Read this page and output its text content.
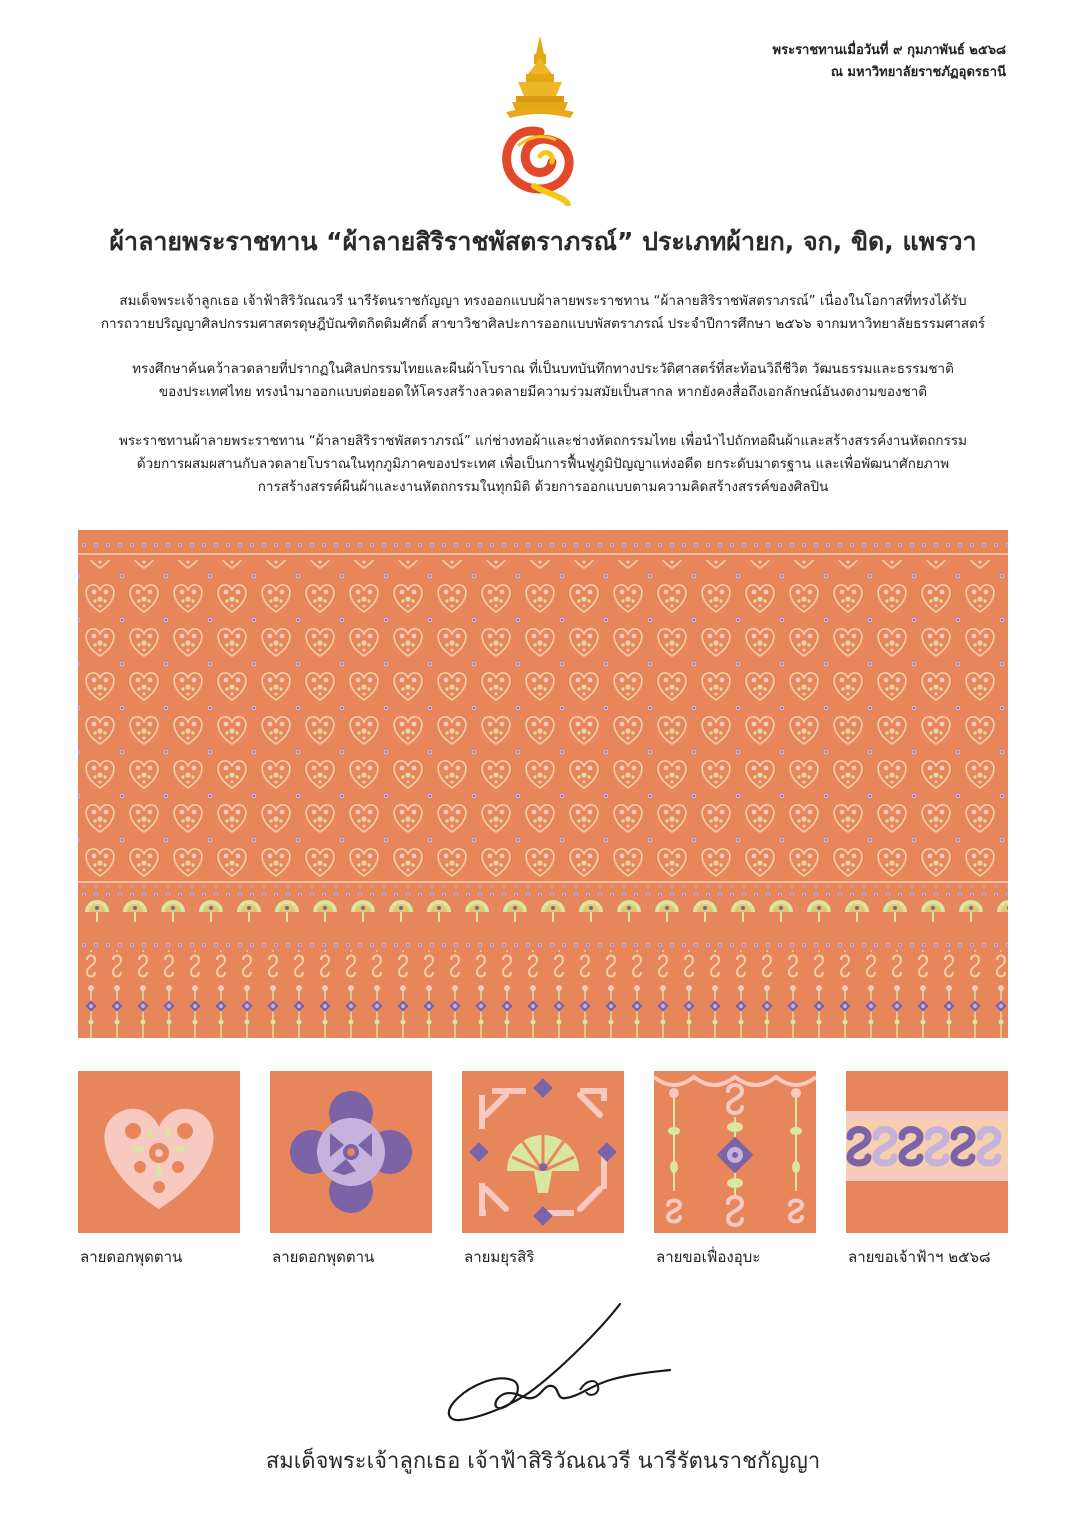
พระราชทานเมื่อวันที่ ๙ กุมภาพันธ์ ๒๕๖๘
ณ มหาวิทยาลัยราชภัฏอุดรธานี
ผ้าลายพระราชทาน “ผ้าลายสิริราชพัสตราภรณ์” ประเภทผ้ายก, จก, ขิด, แพรวา
สมเด็จพระเจ้าลูกเธอ เจ้าฟ้าสิริวัณณวรี นารีรัตนราชกัญญา ทรงออกแบบผ้าลายพระราชทาน “ผ้าลายสิริราชพัสตราภรณ์” เนื่องในโอกาสที่ทรงได้รับ
การถวายปริญญาศิลปกรรมศาสตรดุษฎีบัณฑิตกิตติมศักดิ์ สาขาวิชาศิลปะการออกแบบพัสตราภรณ์ ประจำปีการศึกษา ๒๕๖๖ จากมหาวิทยาลัยธรรมศาสตร์
ทรงศึกษาค้นคว้าลวดลายที่ปรากฏในศิลปกรรมไทยและผืนผ้าโบราณ ที่เป็นบทบันทึกทางประวัติศาสตร์ที่สะท้อนวิถีชีวิต วัฒนธรรมและธรรมชาติ
ของประเทศไทย ทรงนำมาออกแบบต่อยอดให้โครงสร้างลวดลายมีความร่วมสมัยเป็นสากล หากยังคงสื่อถึงเอกลักษณ์อันงดงามของชาติ
พระราชทานผ้าลายพระราชทาน “ผ้าลายสิริราชพัสตราภรณ์” แก่ช่างทอผ้าและช่างหัตถกรรมไทย เพื่อนำไปถักทอผืนผ้าและสร้างสรรค์งานหัตถกรรม
ด้วยการผสมผสานกับลวดลายโบราณในทุกภูมิภาคของประเทศ เพื่อเป็นการฟื้นฟูภูมิปัญญาแห่งอดีต ยกระดับมาตรฐาน และเพื่อพัฒนาศักยภาพ
การสร้างสรรค์ผืนผ้าและงานหัตถกรรมในทุกมิติ ด้วยการออกแบบตามความคิดสร้างสรรค์ของศิลปิน
ลายดอกพุดตาน	ลายดอกพุดตาน	ลายมยุรสิริ	ลายขอเฟื่องอุบะ	ลายขอเจ้าฟ้าฯ ๒๕๖๘
สมเด็จพระเจ้าลูกเธอ เจ้าฟ้าสิริวัณณวรี นารีรัตนราชกัญญา
